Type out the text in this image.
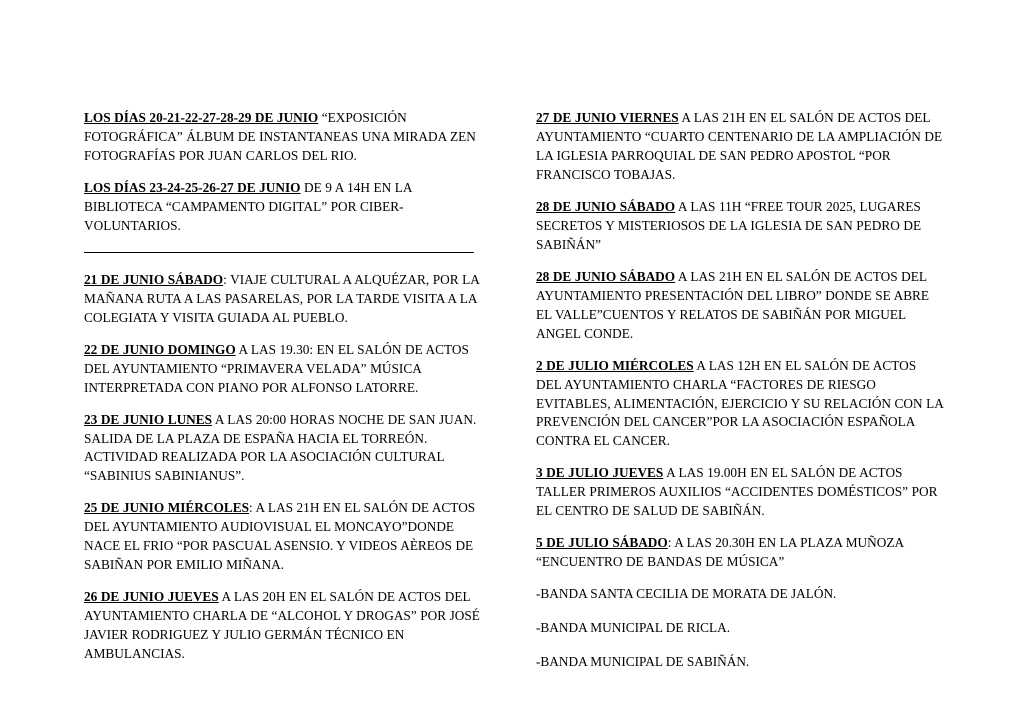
LOS DÍAS 20-21-22-27-28-29 DE JUNIO “EXPOSICIÓN FOTOGRÁFICA” ÁLBUM DE INSTANTANEAS UNA MIRADA ZEN FOTOGRAFÍAS POR JUAN CARLOS DEL RIO.

LOS DÍAS 23-24-25-26-27 DE JUNIO DE 9 A 14H EN LA BIBLIOTECA “CAMPAMENTO DIGITAL” POR CIBER-VOLUNTARIOS.

21 DE JUNIO SÁBADO: VIAJE CULTURAL A ALQUÉZAR, POR LA MAÑANA RUTA A LAS PASARELAS, POR LA TARDE VISITA A LA COLEGIATA Y VISITA GUIADA AL PUEBLO.

22 DE JUNIO DOMINGO A LAS 19.30: EN EL SALÓN DE ACTOS DEL AYUNTAMIENTO “PRIMAVERA VELADA” MÚSICA INTERPRETADA CON PIANO POR ALFONSO LATORRE.

23 DE JUNIO LUNES A LAS 20:00 HORAS NOCHE DE SAN JUAN. SALIDA DE LA PLAZA DE ESPAÑA HACIA EL TORREÓN. ACTIVIDAD REALIZADA POR LA ASOCIACIÓN CULTURAL “SABINIUS SABINIANUS”.

25 DE JUNIO MIÉRCOLES: A LAS 21H EN EL SALÓN DE ACTOS DEL AYUNTAMIENTO AUDIOVISUAL EL MONCAYO”DONDE NACE EL FRIO “POR PASCUAL ASENSIO. Y VIDEOS AÈREOS DE SABIÑAN POR EMILIO MIÑANA.

26 DE JUNIO JUEVES A LAS 20H EN EL SALÓN DE ACTOS DEL AYUNTAMIENTO CHARLA DE “ALCOHOL Y DROGAS” POR JOSÉ JAVIER RODRIGUEZ Y JULIO GERMÁN TÉCNICO EN AMBULANCIAS.

27 DE JUNIO VIERNES A LAS 21H EN EL SALÓN DE ACTOS DEL AYUNTAMIENTO “CUARTO CENTENARIO DE LA AMPLIACIÓN DE LA IGLESIA PARROQUIAL DE SAN PEDRO APOSTOL “POR FRANCISCO TOBAJAS.

28 DE JUNIO SÁBADO A LAS 11H “FREE TOUR 2025, LUGARES SECRETOS Y MISTERIOSOS DE LA IGLESIA DE SAN PEDRO DE SABIÑÁN”

28 DE JUNIO SÁBADO A LAS 21H EN EL SALÓN DE ACTOS DEL AYUNTAMIENTO PRESENTACIÓN DEL LIBRO” DONDE SE ABRE EL VALLE”CUENTOS Y RELATOS DE SABIÑÁN POR MIGUEL ANGEL CONDE.

2 DE JULIO MIÉRCOLES A LAS 12H EN EL SALÓN DE ACTOS DEL AYUNTAMIENTO CHARLA “FACTORES DE RIESGO EVITABLES, ALIMENTACIÓN, EJERCICIO Y SU RELACIÓN CON LA PREVENCIÓN DEL CANCER”POR LA ASOCIACIÓN ESPAÑOLA CONTRA EL CANCER.

3 DE JULIO JUEVES A LAS 19.00H EN EL SALÓN DE ACTOS TALLER PRIMEROS AUXILIOS “ACCIDENTES DOMÉSTICOS” POR EL CENTRO DE SALUD DE SABIÑÁN.

5 DE JULIO SÁBADO: A LAS 20.30H EN LA PLAZA MUÑOZA “ENCUENTRO DE BANDAS DE MÚSICA”

-BANDA SANTA CECILIA DE MORATA DE JALÓN.

-BANDA MUNICIPAL DE RICLA.

-BANDA MUNICIPAL DE SABIÑÁN.
